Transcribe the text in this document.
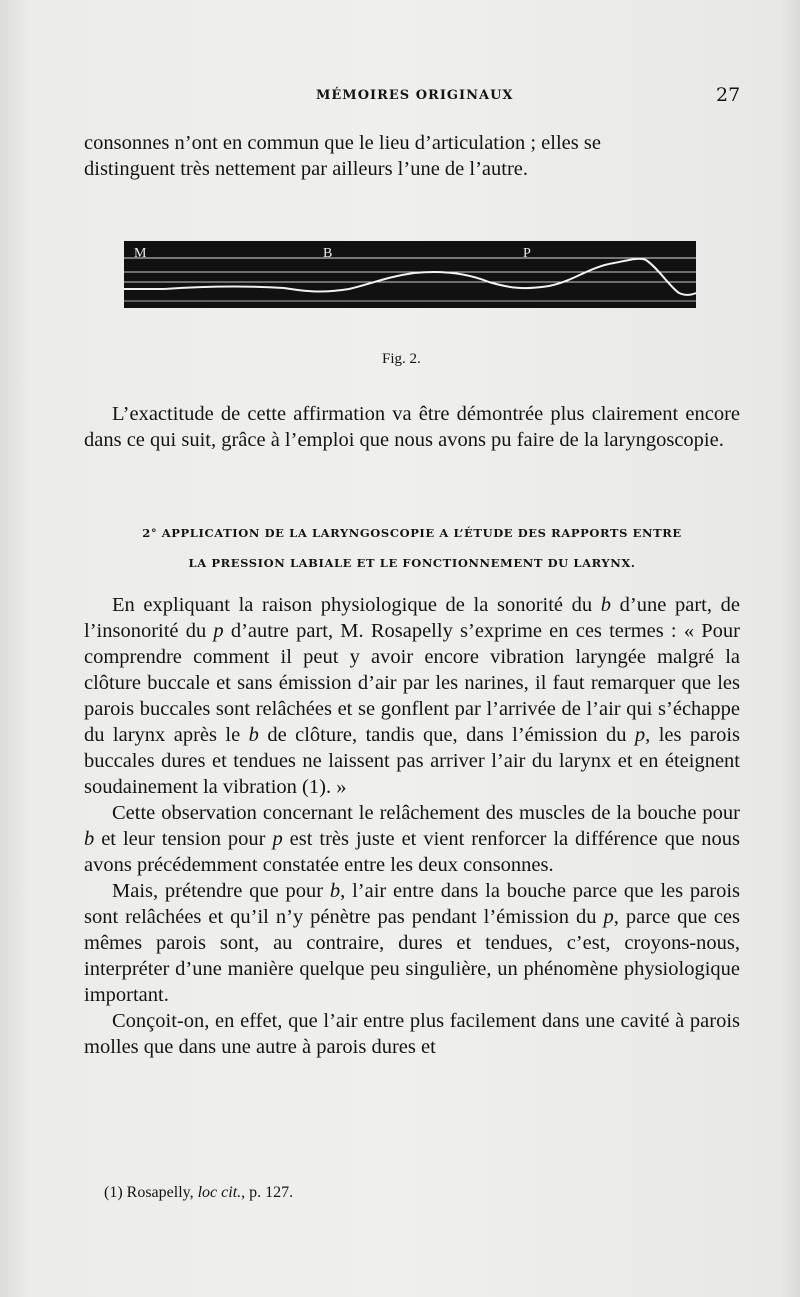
MÉMOIRES ORIGINAUX	27

consonnes n’ont en commun que le lieu d’articulation ; elles se

distinguent très nettement par ailleurs l’une de l’autre.

M	B	P
Fig. 2.

L’exactitude de cette affirmation va être démontrée plus clairement encore dans ce qui suit, grâce à l’emploi que nous avons pu faire de la laryngoscopie.

2° APPLICATION DE LA LARYNGOSCOPIE A L’ÉTUDE DES RAPPORTS ENTRE
LA PRESSION LABIALE ET LE FONCTIONNEMENT DU LARYNX.

En expliquant la raison physiologique de la sonorité du b d’une part, de l’insonorité du p d’autre part, M. Rosapelly s’exprime en ces termes : « Pour comprendre comment il peut y avoir encore vibration laryngée malgré la clôture buccale et sans émission d’air par les narines, il faut remarquer que les parois buccales sont relâchées et se gonflent par l’arrivée de l’air qui s’échappe du larynx après le b de clôture, tandis que, dans l’émission du p, les parois buccales dures et tendues ne laissent pas arriver l’air du larynx et en éteignent soudainement la vibration (1). »

Cette observation concernant le relâchement des muscles de la bouche pour b et leur tension pour p est très juste et vient renforcer la différence que nous avons précédemment constatée entre les deux consonnes.

Mais, prétendre que pour b, l’air entre dans la bouche parce que les parois sont relâchées et qu’il n’y pénètre pas pendant l’émission du p, parce que ces mêmes parois sont, au contraire, dures et tendues, c’est, croyons-nous, interpréter d’une manière quelque peu singulière, un phénomène physiologique important.

Conçoit-on, en effet, que l’air entre plus facilement dans une cavité à parois molles que dans une autre à parois dures et

(1) Rosapelly, loc cit., p. 127.
